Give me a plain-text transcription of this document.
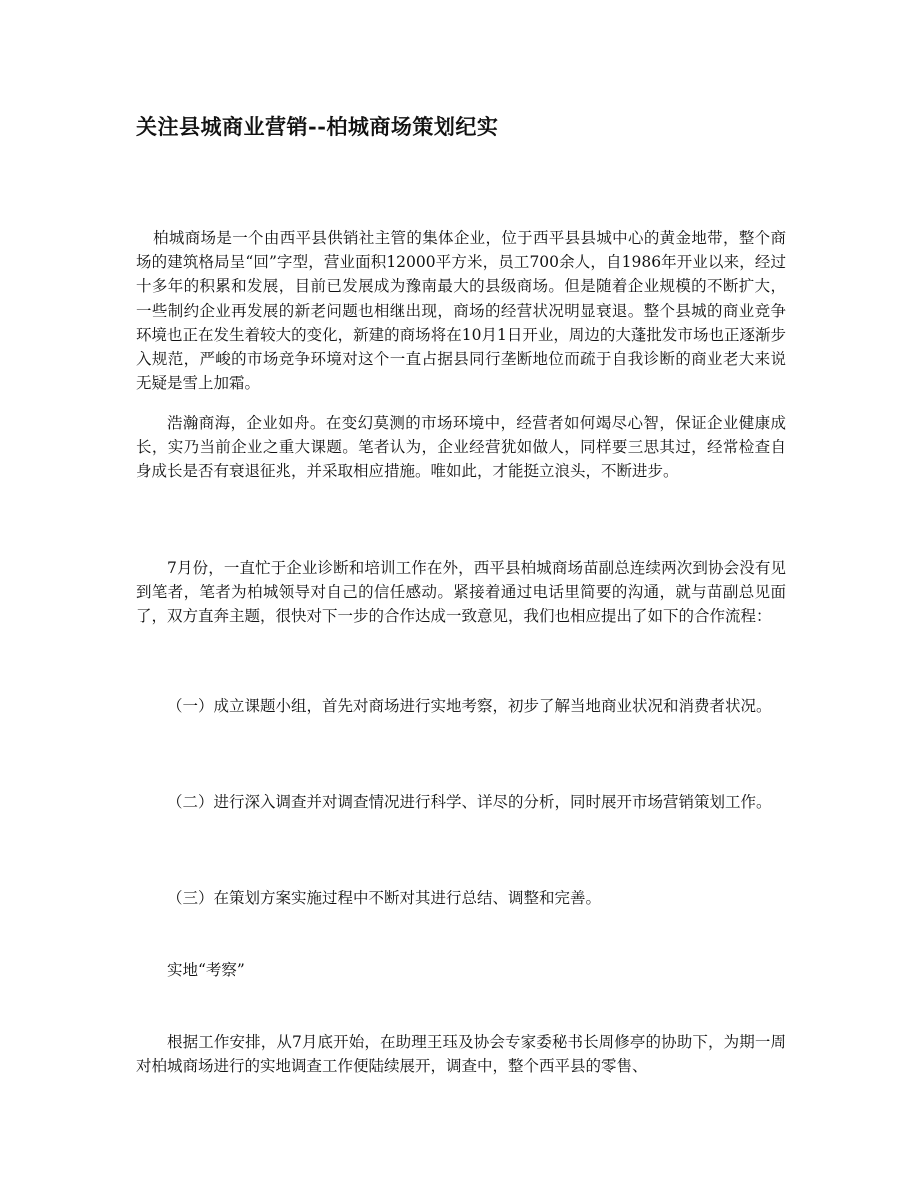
关注县城商业营销--柏城商场策划纪实

柏城商场是一个由西平县供销社主管的集体企业，位于西平县县城中心的黄金地带，整个商场的建筑格局呈“回”字型，营业面积12000平方米，员工700余人，自1986年开业以来，经过十多年的积累和发展，目前已发展成为豫南最大的县级商场。但是随着企业规模的不断扩大，一些制约企业再发展的新老问题也相继出现，商场的经营状况明显衰退。整个县城的商业竞争环境也正在发生着较大的变化，新建的商场将在10月1日开业，周边的大蓬批发市场也正逐渐步入规范，严峻的市场竞争环境对这个一直占据县同行垄断地位而疏于自我诊断的商业老大来说无疑是雪上加霜。

浩瀚商海，企业如舟。在变幻莫测的市场环境中，经营者如何竭尽心智，保证企业健康成长，实乃当前企业之重大课题。笔者认为，企业经营犹如做人，同样要三思其过，经常检查自身成长是否有衰退征兆，并采取相应措施。唯如此，才能挺立浪头，不断进步。

7月份，一直忙于企业诊断和培训工作在外，西平县柏城商场苗副总连续两次到协会没有见到笔者，笔者为柏城领导对自己的信任感动。紧接着通过电话里简要的沟通，就与苗副总见面了，双方直奔主题，很快对下一步的合作达成一致意见，我们也相应提出了如下的合作流程：

（一）成立课题小组，首先对商场进行实地考察，初步了解当地商业状况和消费者状况。

（二）进行深入调查并对调查情况进行科学、详尽的分析，同时展开市场营销策划工作。

（三）在策划方案实施过程中不断对其进行总结、调整和完善。

实地“考察”

根据工作安排，从7月底开始，在助理王珏及协会专家委秘书长周修亭的协助下，为期一周对柏城商场进行的实地调查工作便陆续展开，调查中，整个西平县的零售、
